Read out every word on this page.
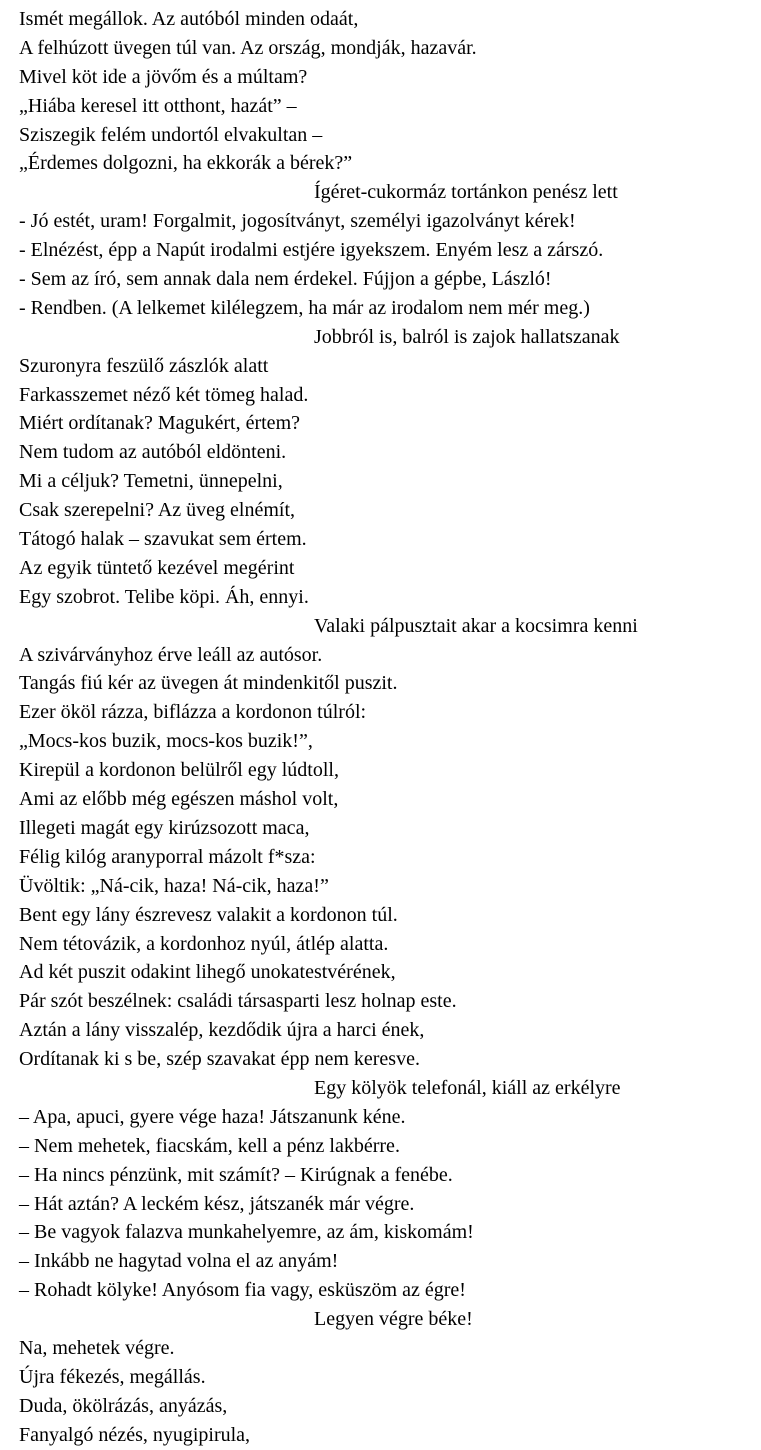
Ismét megállok. Az autóból minden odaát,
A felhúzott üvegen túl van. Az ország, mondják, hazavár.
Mivel köt ide a jövőm és a múltam?
„Hiába keresel itt otthont, hazát” –
Sziszegik felém undortól elvakultan –
„Érdemes dolgozni, ha ekkorák a bérek?”
Ígéret-cukormáz tortánkon penész lett
- Jó estét, uram! Forgalmit, jogosítványt, személyi igazolványt kérek!
- Elnézést, épp a Napút irodalmi estjére igyekszem. Enyém lesz a zárszó.
- Sem az író, sem annak dala nem érdekel. Fújjon a gépbe, László!
- Rendben. (A lelkemet kilélegzem, ha már az irodalom nem mér meg.)
Jobbról is, balról is zajok hallatszanak
Szuronyra feszülő zászlók alatt
Farkasszemet néző két tömeg halad.
Miért ordítanak? Magukért, értem?
Nem tudom az autóból eldönteni.
Mi a céljuk? Temetni, ünnepelni,
Csak szerepelni? Az üveg elnémít,
Tátogó halak – szavukat sem értem.
Az egyik tüntető kezével megérint
Egy szobrot. Telibe köpi. Áh, ennyi.
Valaki pálpusztait akar a kocsimra kenni
A szivárványhoz érve leáll az autósor.
Tangás fiú kér az üvegen át mindenkitől puszit.
Ezer ököl rázza, biflázza a kordonon túlról:
„Mocs-kos buzik, mocs-kos buzik!”,
Kirepül a kordonon belülről egy lúdtoll,
Ami az előbb még egészen máshol volt,
Illegeti magát egy kirúzsozott maca,
Félig kilóg aranyporral mázolt f*sza:
Üvöltik: „Ná-cik, haza! Ná-cik, haza!”
Bent egy lány észrevesz valakit a kordonon túl.
Nem tétovázik, a kordonhoz nyúl, átlép alatta.
Ad két puszit odakint lihegő unokatestvérének,
Pár szót beszélnek: családi társasparti lesz holnap este.
Aztán a lány visszalép, kezdődik újra a harci ének,
Ordítanak ki s be, szép szavakat épp nem keresve.
Egy kölyök telefonál, kiáll az erkélyre
– Apa, apuci, gyere vége haza! Játszanunk kéne.
– Nem mehetek, fiacskám, kell a pénz lakbérre.
– Ha nincs pénzünk, mit számít? – Kirúgnak a fenébe.
– Hát aztán? A leckém kész, játszanék már végre.
– Be vagyok falazva munkahelyemre, az ám, kiskomám!
– Inkább ne hagytad volna el az anyám!
– Rohadt kölyke! Anyósom fia vagy, esküszöm az égre!
Legyen végre béke!
Na, mehetek végre.
Újra fékezés, megállás.
Duda, ökölrázás, anyázás,
Fanyalgó nézés, nyugipirula,
